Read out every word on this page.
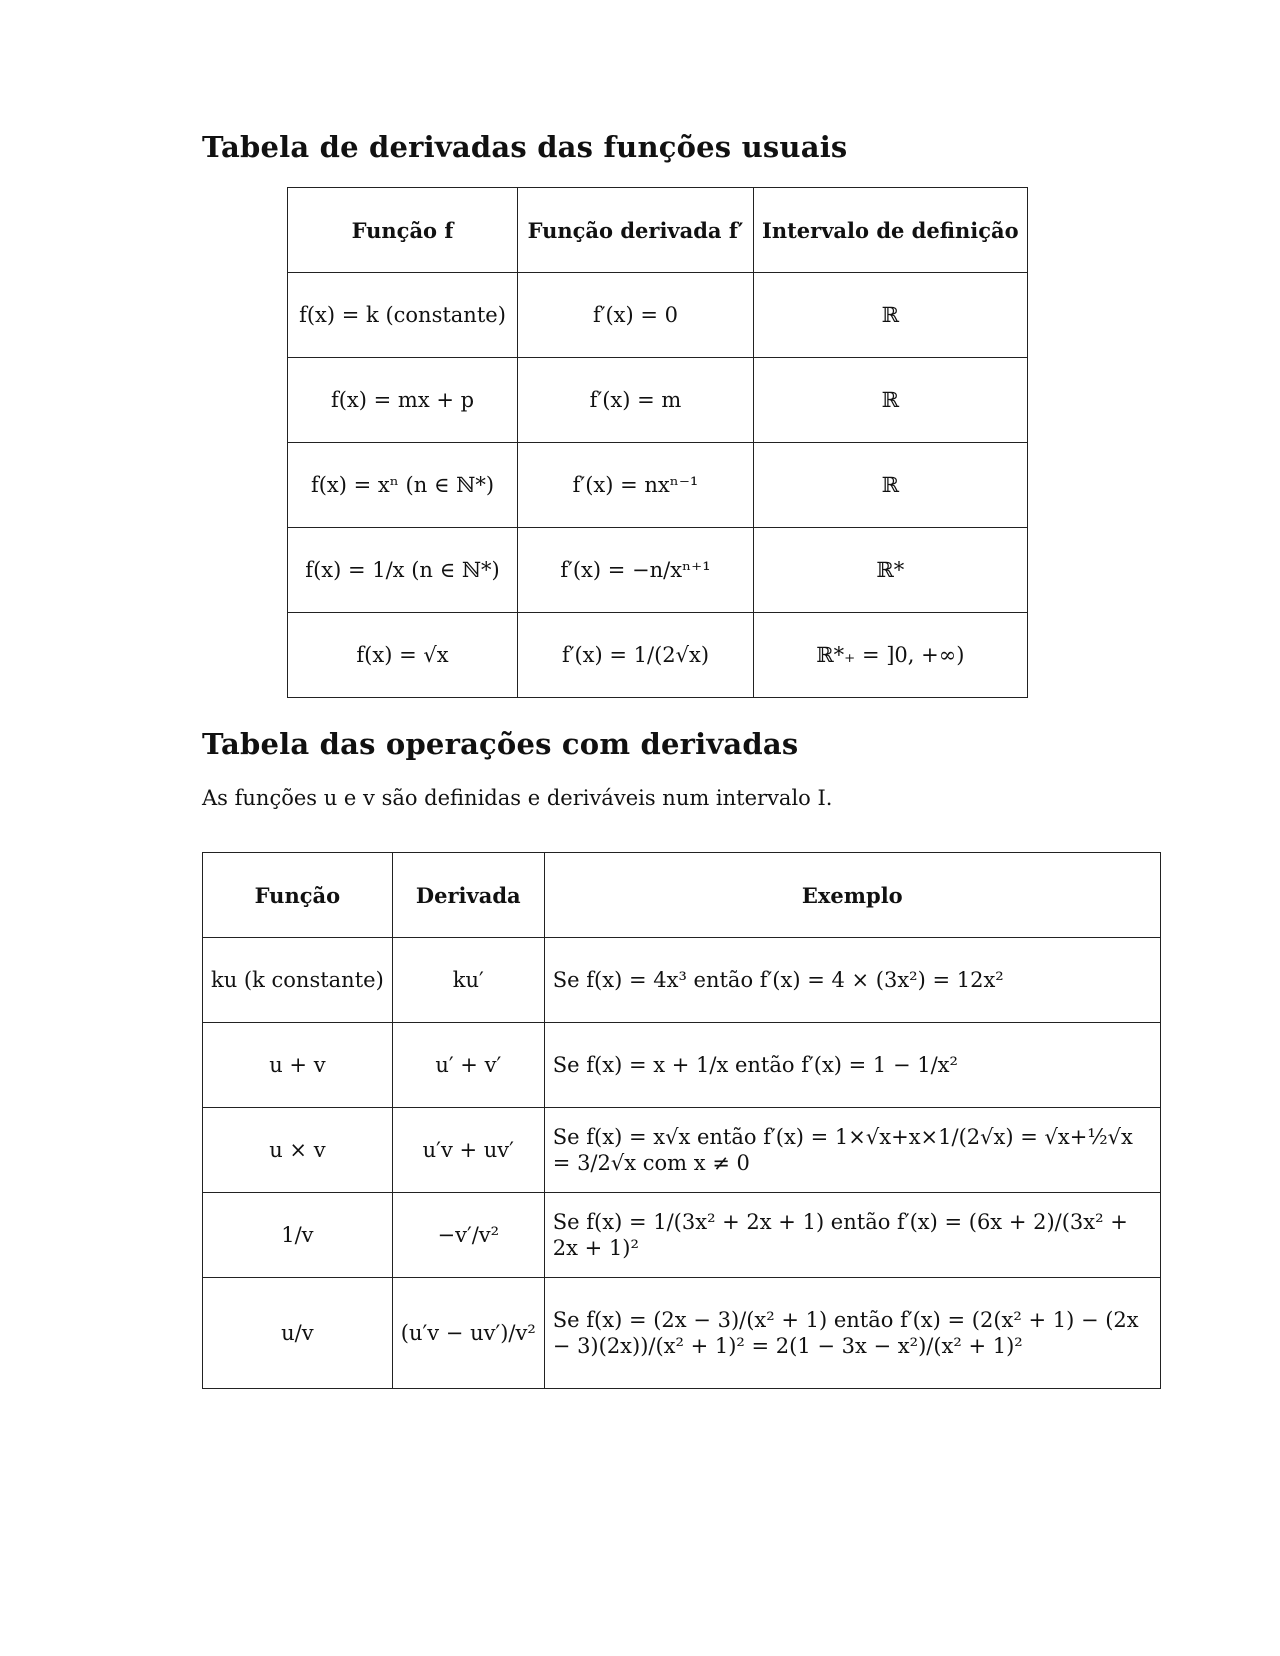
Tabela de derivadas das funções usuais
Função f	Função derivada f′	Intervalo de definição
f(x) = k (constante)	f′(x) = 0	ℝ
f(x) = mx + p	f′(x) = m	ℝ
f(x) = xⁿ (n ∈ ℕ*)	f′(x) = nxⁿ⁻¹	ℝ
f(x) = 1/x (n ∈ ℕ*)	f′(x) = −n/xⁿ⁺¹	ℝ*
f(x) = √x	f′(x) = 1/(2√x)	ℝ*₊ = ]0, +∞)
Tabela das operações com derivadas
As funções u e v são definidas e deriváveis num intervalo I.
Função	Derivada	Exemplo
ku (k constante)	ku′	Se f(x) = 4x³ então f′(x) = 4 × (3x²) = 12x²
u + v	u′ + v′	Se f(x) = x + 1/x então f′(x) = 1 − 1/x²
u × v	u′v + uv′	Se f(x) = x√x então f′(x) = 1×√x+x×1/(2√x) = √x+½√x = 3/2√x com x ≠ 0
1/v	−v′/v²	Se f(x) = 1/(3x² + 2x + 1) então f′(x) = (6x + 2)/(3x² + 2x + 1)²
u/v	(u′v − uv′)/v²	Se f(x) = (2x − 3)/(x² + 1) então f′(x) = (2(x² + 1) − (2x − 3)(2x))/(x² + 1)² = 2(1 − 3x − x²)/(x² + 1)²
